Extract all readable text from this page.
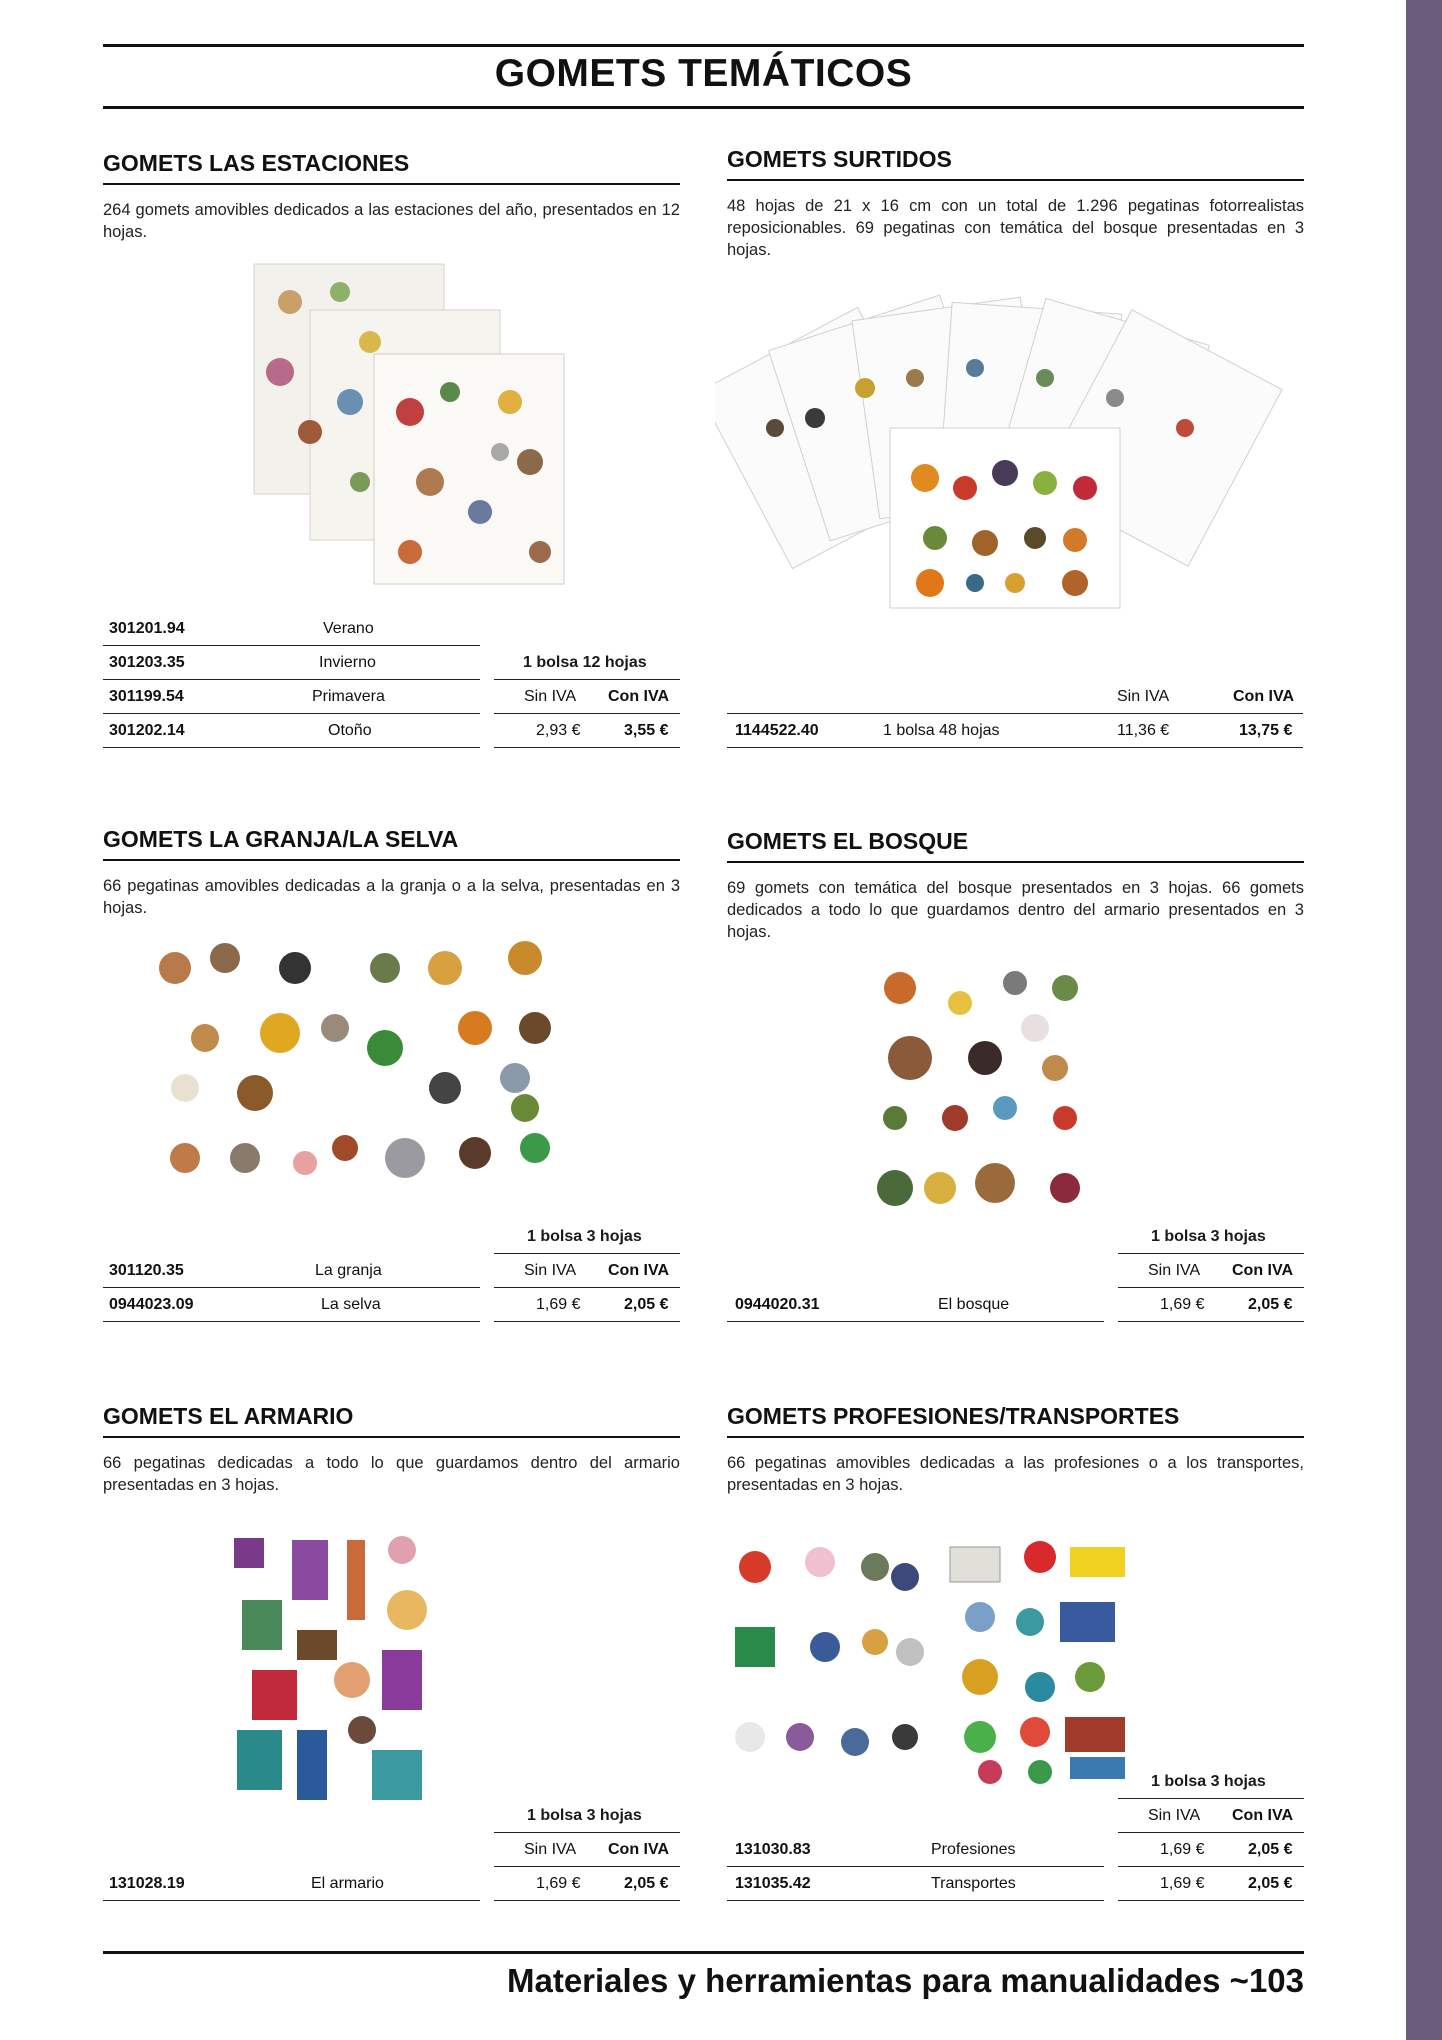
GOMETS TEMÁTICOS
GOMETS LAS ESTACIONES
264 gomets amovibles dedicados a las estaciones del año, presentados en 12 hojas.
301201.94	Verano
1 bolsa 12 hojas
301203.35	Invierno
301199.54	Primavera	Sin IVA Con IVA
301202.14	Otoño	2,93 €	3,55 €
GOMETS SURTIDOS
48 hojas de 21 x 16 cm con un total de 1.296 pegatinas fotorrealistas reposicionables. 69 pegatinas con temática del bosque presentadas en 3 hojas.
Sin IVA	Con IVA
1144522.40	1 bolsa 48 hojas	11,36 €	13,75 €
GOMETS LA GRANJA/LA SELVA
66 pegatinas amovibles dedicadas a la granja o a la selva, presentadas en 3 hojas.
1 bolsa 3 hojas
301120.35	La granja	Sin IVA Con IVA
0944023.09	La selva	1,69 €	2,05 €
GOMETS EL BOSQUE
69 gomets con temática del bosque presentados en 3 hojas. 66 gomets dedicados a todo lo que guardamos dentro del armario presentados en 3 hojas.
1 bolsa 3 hojas
Sin IVA Con IVA
0944020.31	El bosque	1,69 €	2,05 €
GOMETS EL ARMARIO
66 pegatinas dedicadas a todo lo que guardamos dentro del armario presentadas en 3 hojas.
1 bolsa 3 hojas
Sin IVA Con IVA
131028.19	El armario	1,69 €	2,05 €
GOMETS PROFESIONES/TRANSPORTES
66 pegatinas amovibles dedicadas a las profesiones o a los transportes, presentadas en 3 hojas.
1 bolsa 3 hojas
Sin IVA Con IVA
131030.83	Profesiones	1,69 €	2,05 €
131035.42	Transportes	1,69 €	2,05 €
Materiales y herramientas para manualidades ~103
